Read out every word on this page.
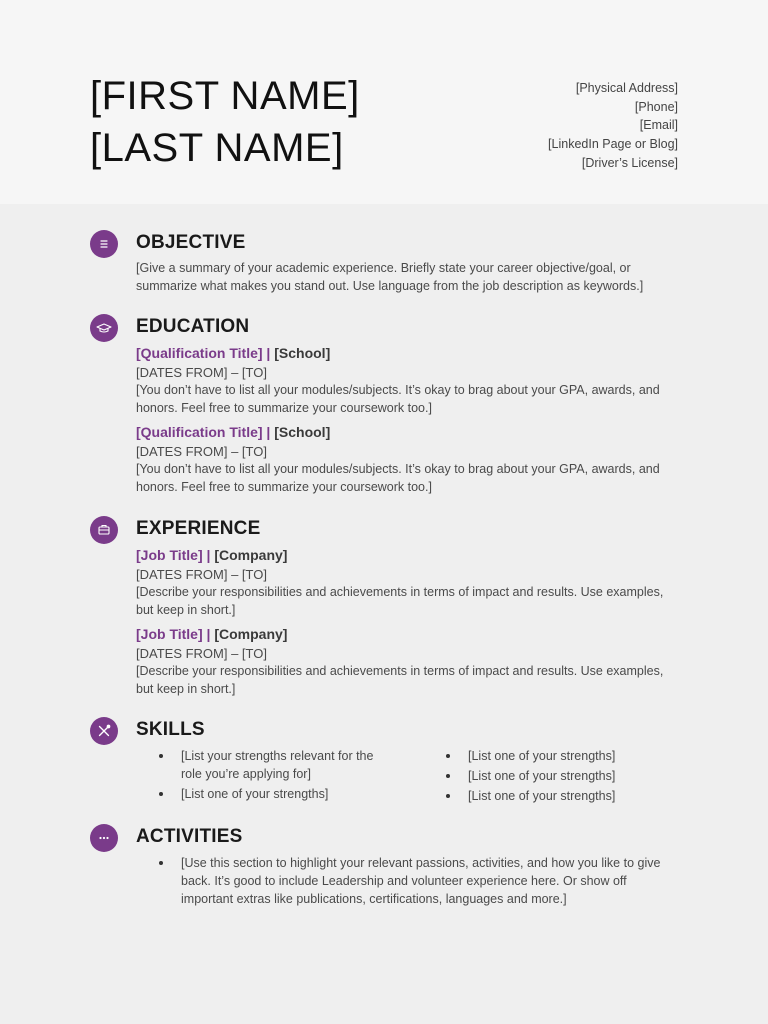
[FIRST NAME]
[LAST NAME]
[Physical Address]
[Phone]
[Email]
[LinkedIn Page or Blog]
[Driver’s License]
OBJECTIVE
[Give a summary of your academic experience. Briefly state your career objective/goal, or summarize what makes you stand out. Use language from the job description as keywords.]
EDUCATION
[Qualification Title] | [School]
[DATES FROM] – [TO]
[You don’t have to list all your modules/subjects. It’s okay to brag about your GPA, awards, and honors. Feel free to summarize your coursework too.]
[Qualification Title] | [School]
[DATES FROM] – [TO]
[You don’t have to list all your modules/subjects. It’s okay to brag about your GPA, awards, and honors. Feel free to summarize your coursework too.]
EXPERIENCE
[Job Title] | [Company]
[DATES FROM] – [TO]
[Describe your responsibilities and achievements in terms of impact and results. Use examples, but keep in short.]
[Job Title] | [Company]
[DATES FROM] – [TO]
[Describe your responsibilities and achievements in terms of impact and results. Use examples, but keep in short.]
SKILLS
[List your strengths relevant for the role you’re applying for]
[List one of your strengths]
[List one of your strengths]
[List one of your strengths]
[List one of your strengths]
ACTIVITIES
[Use this section to highlight your relevant passions, activities, and how you like to give back. It’s good to include Leadership and volunteer experience here. Or show off important extras like publications, certifications, languages and more.]
